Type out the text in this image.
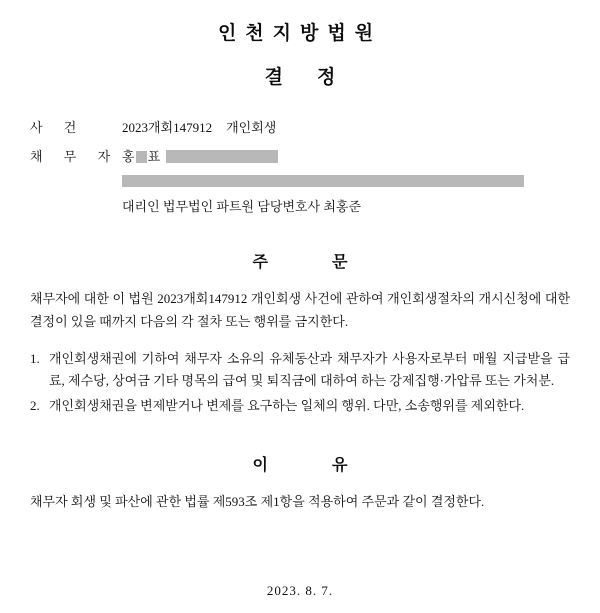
인천지방법원
결정
사 건	2023개회147912 개인회생
채 무 자 홍 표
대리인 법무법인 파트원 담당변호사 최홍준
주 문

채무자에 대한 이 법원 2023개회147912 개인회생 사건에 관하여 개인회생절차의 개시신청에 대한 결정이 있을 때까지 다음의 각 절차 또는 행위를 금지한다.

1. 개인회생채권에 기하여 채무자 소유의 유체동산과 채무자가 사용자로부터 매월 지급받을 급료, 제수당, 상여금 기타 명목의 급여 및 퇴직금에 대하여 하는 강제집행·가압류 또는 가처분.
2. 개인회생채권을 변제받거나 변제를 요구하는 일체의 행위. 다만, 소송행위를 제외한다.
이 유

채무자 회생 및 파산에 관한 법률 제593조 제1항을 적용하여 주문과 같이 결정한다.

2023. 8. 7.
